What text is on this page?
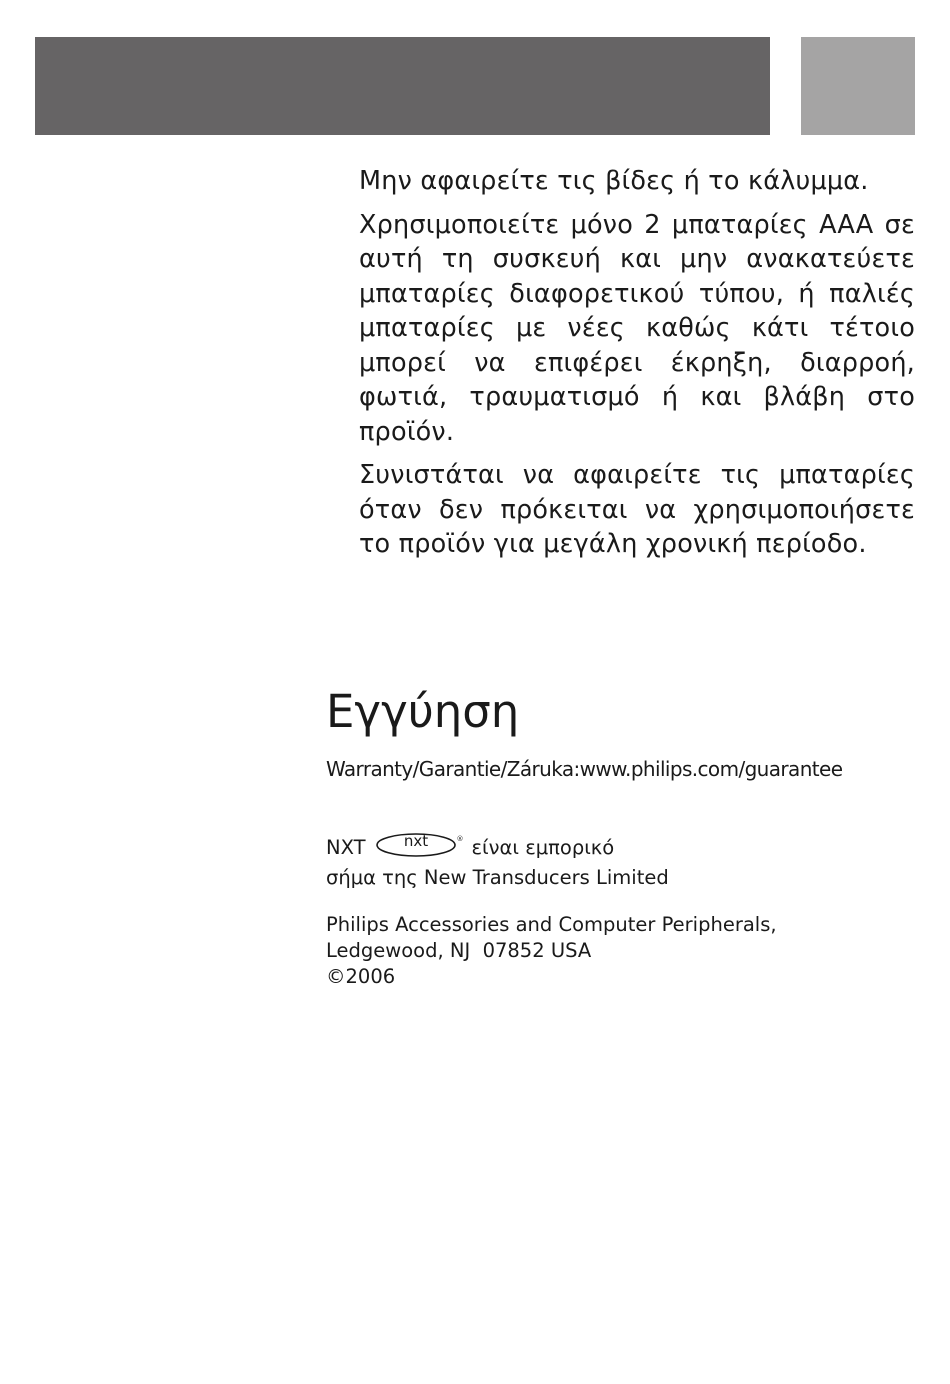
Μην αφαιρείτε τις βίδες ή το κάλυμμα.

Χρησιμοποιείτε μόνο 2 μπαταρίες AAA σε αυτή τη συσκευή και μην ανακατεύετε μπαταρίες διαφορετικού τύπου, ή παλιές μπαταρίες με νέες καθώς κάτι τέτοιο μπορεί να επιφέρει έκρηξη, διαρροή, φωτιά, τραυματισμό ή και βλάβη στο προϊόν.

Συνιστάται να αφαιρείτε τις μπαταρίες όταν δεν πρόκειται να χρησιμοποιήσετε το προϊόν για μεγάλη χρονική περίοδο.

Εγγύηση
Warranty/Garantie/Záruka:www.philips.com/guarantee
NXT	nxt	® είναι εμπορικό
σήμα της New Transducers Limited
Philips Accessories and Computer Peripherals,
Ledgewood, NJ  07852 USA
©2006
